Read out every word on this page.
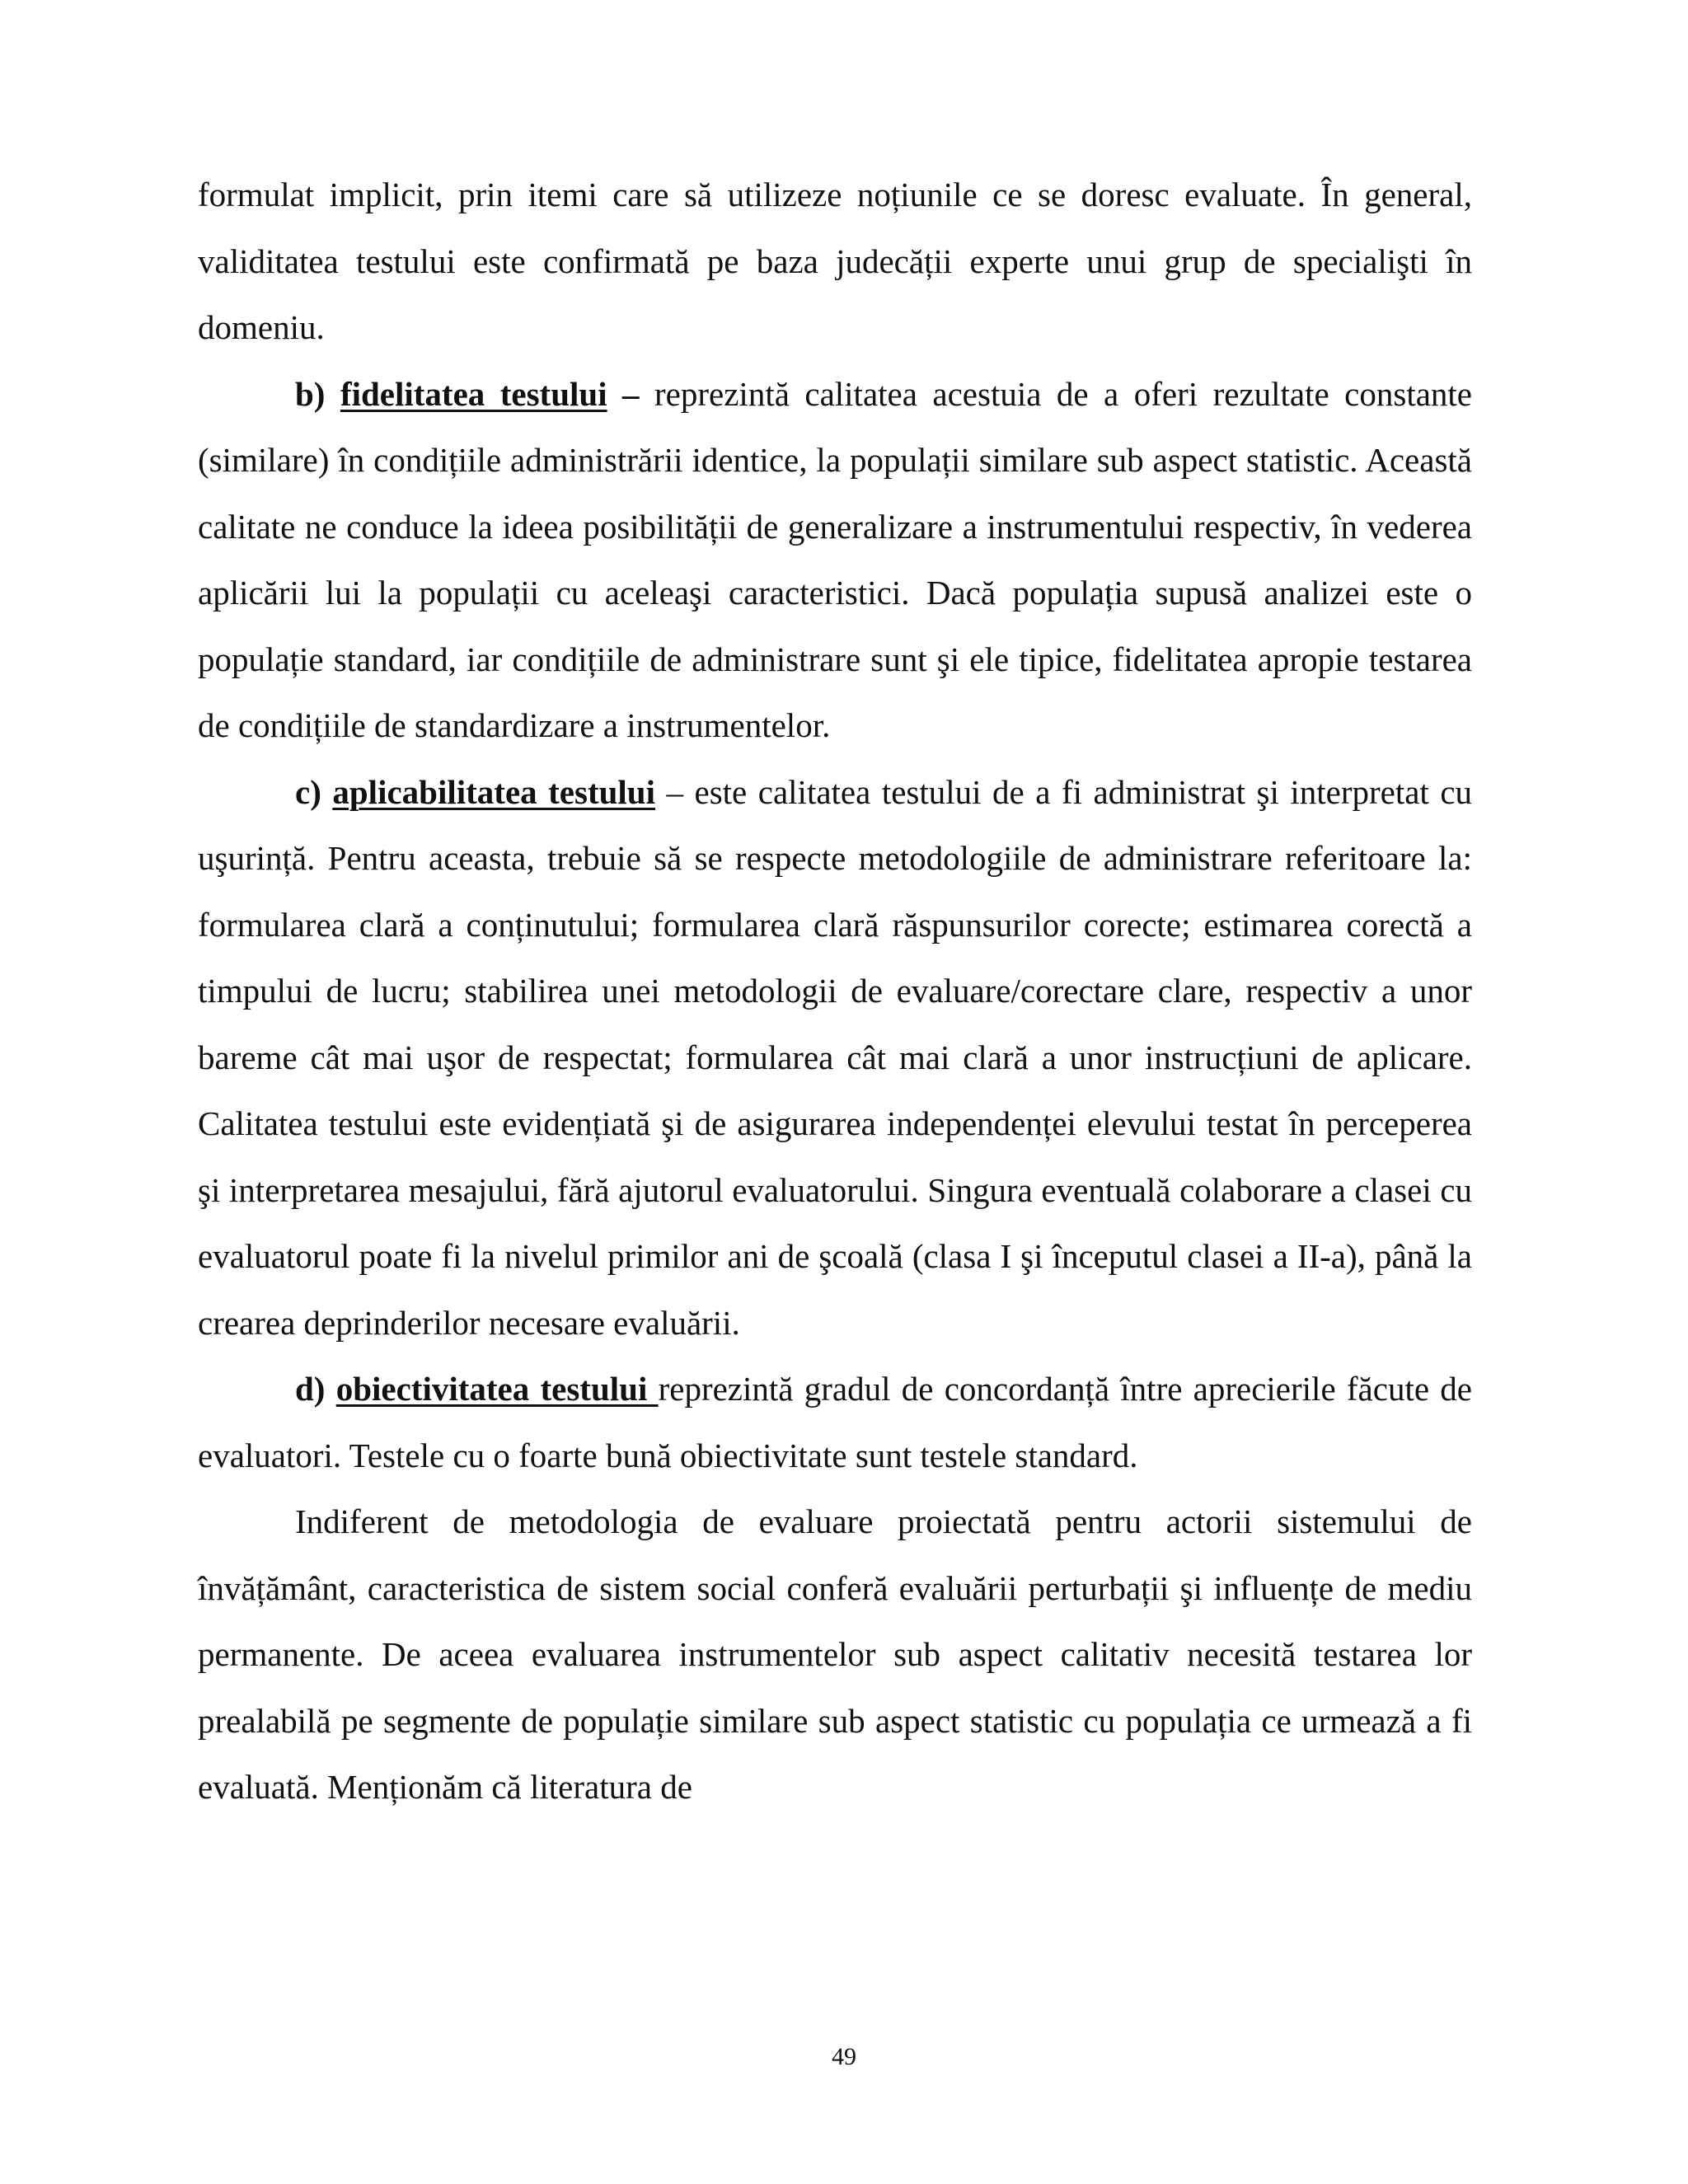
formulat implicit, prin itemi care să utilizeze noțiunile ce se doresc evaluate. În general, validitatea testului este confirmată pe baza judecății experte unui grup de specialişti în domeniu.

b) fidelitatea testului – reprezintă calitatea acestuia de a oferi rezultate constante (similare) în condițiile administrării identice, la populații similare sub aspect statistic. Această calitate ne conduce la ideea posibilității de generalizare a instrumentului respectiv, în vederea aplicării lui la populații cu aceleaşi caracteristici. Dacă populația supusă analizei este o populație standard, iar condițiile de administrare sunt şi ele tipice, fidelitatea apropie testarea de condițiile de standardizare a instrumentelor.

c) aplicabilitatea testului – este calitatea testului de a fi administrat şi interpretat cu uşurință. Pentru aceasta, trebuie să se respecte metodologiile de administrare referitoare la: formularea clară a conținutului; formularea clară răspunsurilor corecte; estimarea corectă a timpului de lucru; stabilirea unei metodologii de evaluare/corectare clare, respectiv a unor bareme cât mai uşor de respectat; formularea cât mai clară a unor instrucțiuni de aplicare. Calitatea testului este evidențiată şi de asigurarea independenței elevului testat în perceperea şi interpretarea mesajului, fără ajutorul evaluatorului. Singura eventuală colaborare a clasei cu evaluatorul poate fi la nivelul primilor ani de şcoală (clasa I şi începutul clasei a II-a), până la crearea deprinderilor necesare evaluării.

d) obiectivitatea testului reprezintă gradul de concordanță între aprecierile făcute de evaluatori. Testele cu o foarte bună obiectivitate sunt testele standard.

Indiferent de metodologia de evaluare proiectată pentru actorii sistemului de învățământ, caracteristica de sistem social conferă evaluării perturbații şi influențe de mediu permanente. De aceea evaluarea instrumentelor sub aspect calitativ necesită testarea lor prealabilă pe segmente de populație similare sub aspect statistic cu populația ce urmează a fi evaluată. Menționăm că literatura de

49
